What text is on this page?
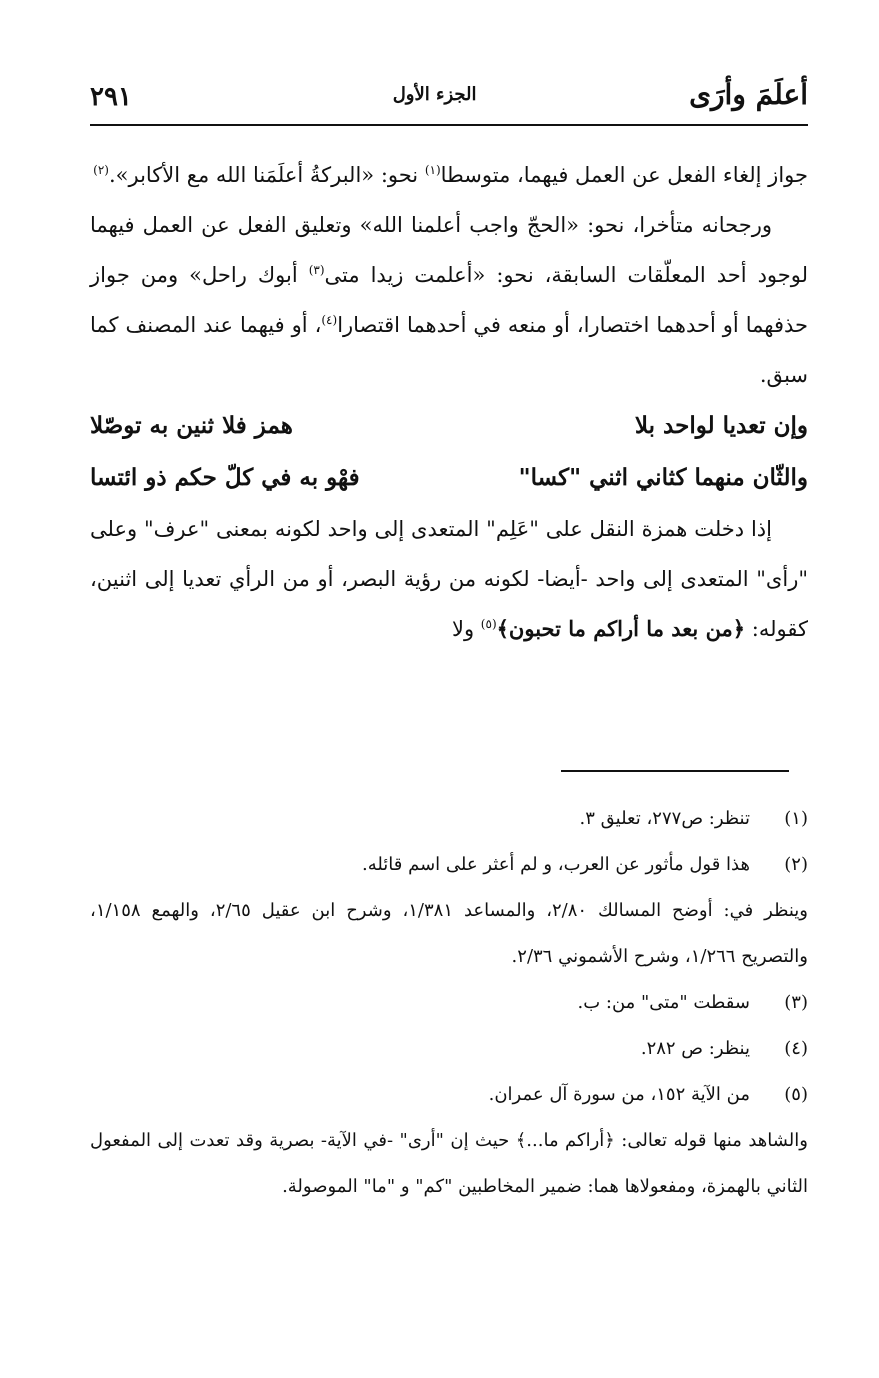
أعلَمَ وأرَى
الجزء الأول
٢٩١

جواز إلغاء الفعل عن العمل فيهما، متوسطا$^{(١)}$ نحو: «البركةُ أعلَمَنا الله مع الأكابر».$^{(٢)}$

ورجحانه متأخرا، نحو: «الحجّ واجب أعلمنا الله» وتعليق الفعل عن العمل فيهما لوجود أحد المعلّقات السابقة، نحو: «أعلمت زيدا متى$^{(٣)}$ أبوك راحل» ومن جواز حذفهما أو أحدهما اختصارا، أو منعه في أحدهما اقتصارا$^{(٤)}$، أو فيهما عند المصنف كما سبق.

وإن تعديا لواحد بلا
همز فلا ثنين به توصّلا

والثّان منهما كثاني اثني "كسا"
فهْو به في كلّ حكم ذو ائتسا

إذا دخلت همزة النقل على "عَلِم" المتعدى إلى واحد لكونه بمعنى "عرف" وعلى "رأى" المتعدى إلى واحد -أيضا- لكونه من رؤية البصر، أو من الرأي تعديا إلى اثنين، كقوله: ﴿من بعد ما أراكم ما تحبون﴾$^{(٥)}$ ولا

(١)
تنظر: ص٢٧٧، تعليق ٣.

(٢)
هذا قول مأثور عن العرب، و لم أعثر على اسم قائله.

وينظر في: أوضح المسالك ٢/٨٠، والمساعد ١/٣٨١، وشرح ابن عقيل ٢/٦٥، والهمع ١/١٥٨، والتصريح ١/٢٦٦، وشرح الأشموني ٢/٣٦.

(٣)
سقطت "متى" من: ب.

(٤)
ينظر: ص ٢٨٢.

(٥)
من الآية ١٥٢، من سورة آل عمران.

والشاهد منها قوله تعالى: ﴿أراكم ما...﴾ حيث إن "أرى" -في الآية- بصرية وقد تعدت إلى المفعول الثاني بالهمزة، ومفعولاها هما: ضمير المخاطبين "كم" و "ما" الموصولة.
